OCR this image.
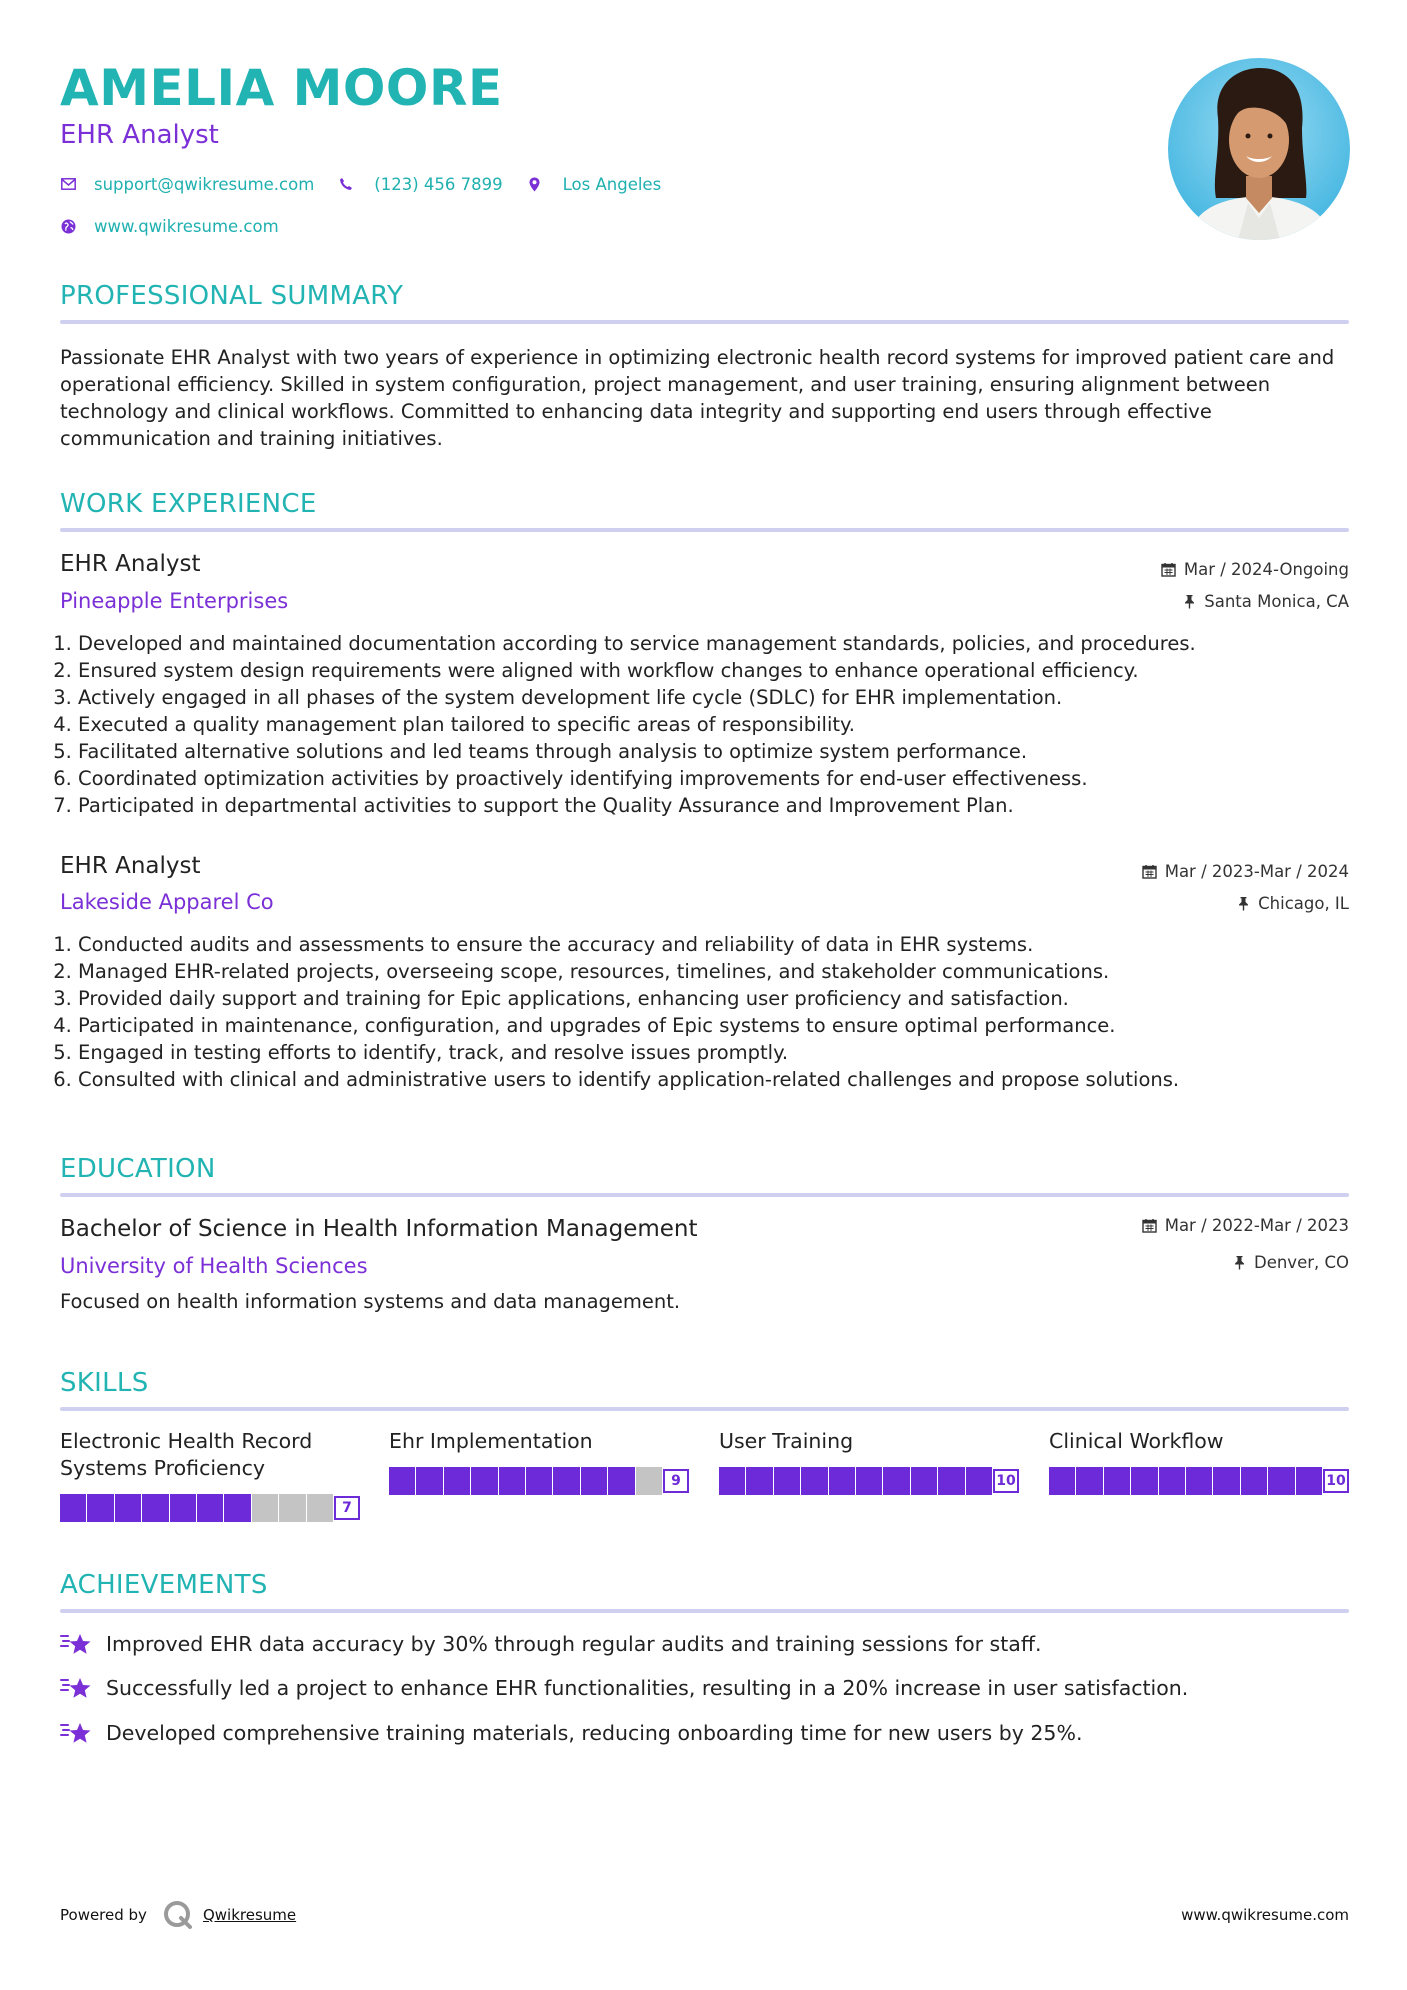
AMELIA MOORE
EHR Analyst
support@qwikresume.com	(123) 456 7899	Los Angeles
www.qwikresume.com
PROFESSIONAL SUMMARY
Passionate EHR Analyst with two years of experience in optimizing electronic health record systems for improved patient care and operational efficiency. Skilled in system configuration, project management, and user training, ensuring alignment between technology and clinical workflows. Committed to enhancing data integrity and supporting end users through effective communication and training initiatives.
WORK EXPERIENCE
EHR Analyst
Pineapple Enterprises
Mar / 2024-Ongoing
Santa Monica, CA
1. Developed and maintained documentation according to service management standards, policies, and procedures.
2. Ensured system design requirements were aligned with workflow changes to enhance operational efficiency.
3. Actively engaged in all phases of the system development life cycle (SDLC) for EHR implementation.
4. Executed a quality management plan tailored to specific areas of responsibility.
5. Facilitated alternative solutions and led teams through analysis to optimize system performance.
6. Coordinated optimization activities by proactively identifying improvements for end-user effectiveness.
7. Participated in departmental activities to support the Quality Assurance and Improvement Plan.
EHR Analyst
Lakeside Apparel Co
Mar / 2023-Mar / 2024
Chicago, IL
1. Conducted audits and assessments to ensure the accuracy and reliability of data in EHR systems.
2. Managed EHR-related projects, overseeing scope, resources, timelines, and stakeholder communications.
3. Provided daily support and training for Epic applications, enhancing user proficiency and satisfaction.
4. Participated in maintenance, configuration, and upgrades of Epic systems to ensure optimal performance.
5. Engaged in testing efforts to identify, track, and resolve issues promptly.
6. Consulted with clinical and administrative users to identify application-related challenges and propose solutions.
EDUCATION
Bachelor of Science in Health Information Management
University of Health Sciences
Mar / 2022-Mar / 2023
Denver, CO
Focused on health information systems and data management.
SKILLS
Electronic Health Record Systems Proficiency
7
Ehr Implementation
9
User Training
10
Clinical Workflow
10
ACHIEVEMENTS
Improved EHR data accuracy by 30% through regular audits and training sessions for staff.
Successfully led a project to enhance EHR functionalities, resulting in a 20% increase in user satisfaction.
Developed comprehensive training materials, reducing onboarding time for new users by 25%.
Powered by	Qwikresume	www.qwikresume.com
